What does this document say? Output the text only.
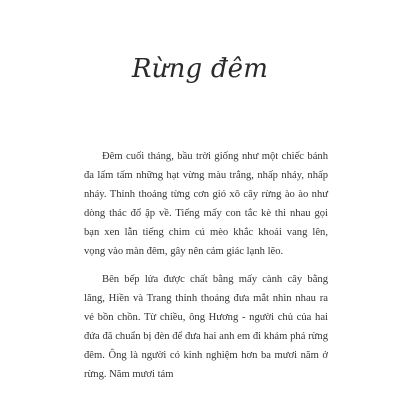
Rừng đêm

Đêm cuối tháng, bầu trời giống như một chiếc bánh đa lấm tấm những hạt vừng màu trắng, nhấp nháy, nhấp nháy. Thỉnh thoảng từng cơn gió xô cây rừng ào ào như dòng thác đổ ập về. Tiếng mấy con tắc kè thi nhau gọi bạn xen lẫn tiếng chim cú mèo khắc khoải vang lên, vọng vào màn đêm, gây nên cảm giác lạnh lẽo.

Bên bếp lửa được chất bằng mấy cành cây bằng lăng, Hiền và Trang thỉnh thoảng đưa mắt nhìn nhau ra vẻ bồn chồn. Từ chiều, ông Hương - người chủ của hai đứa đã chuẩn bị đèn để đưa hai anh em đi khám phá rừng đêm. Ông là người có kinh nghiệm hơn ba mươi năm ở rừng. Năm mươi tám
